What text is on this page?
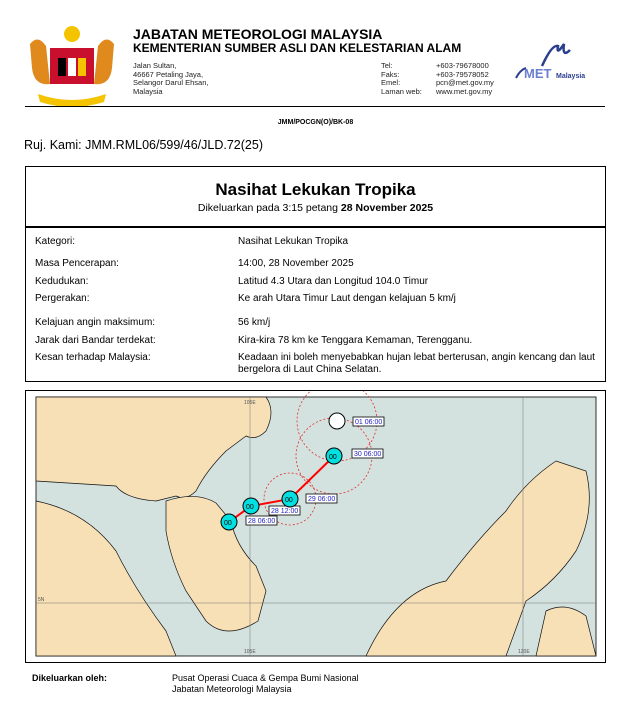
JABATAN METEOROLOGI MALAYSIA
KEMENTERIAN SUMBER ASLI DAN KELESTARIAN ALAM
Jalan Sultan,
46667 Petaling Jaya,
Selangor Darul Ehsan,
Malaysia
Tel:	+603-79678000
Faks:	+603-79578052
Emel:	pcn@met.gov.my
Laman web:	www.met.gov.my
MET Malaysia
JMM/POCGN(O)/BK-08
Ruj. Kami: JMM.RML06/599/46/JLD.72(25)
Nasihat Lekukan Tropika
Dikeluarkan pada 3:15 petang 28 November 2025
Kategori:	Nasihat Lekukan Tropika
Masa Pencerapan:	14:00, 28 November 2025
Kedudukan:	Latitud 4.3 Utara dan Longitud 104.0 Timur
Pergerakan:	Ke arah Utara Timur Laut dengan kelajuan 5 km/j
Kelajuan angin maksimum:	56 km/j
Jarak dari Bandar terdekat:	Kira-kira 78 km ke Tenggara Kemaman, Terengganu.
Kesan terhadap Malaysia:	Keadaan ini boleh menyebabkan hujan lebat berterusan, angin kencang dan laut bergelora di Laut China Selatan.
105E
120E
105E
5N
00 28 06:00
00
28 12:00
00 29 06:00
00 30 06:00
01 06:00
Dikeluarkan oleh:	Pusat Operasi Cuaca & Gempa Bumi Nasional
Jabatan Meteorologi Malaysia
